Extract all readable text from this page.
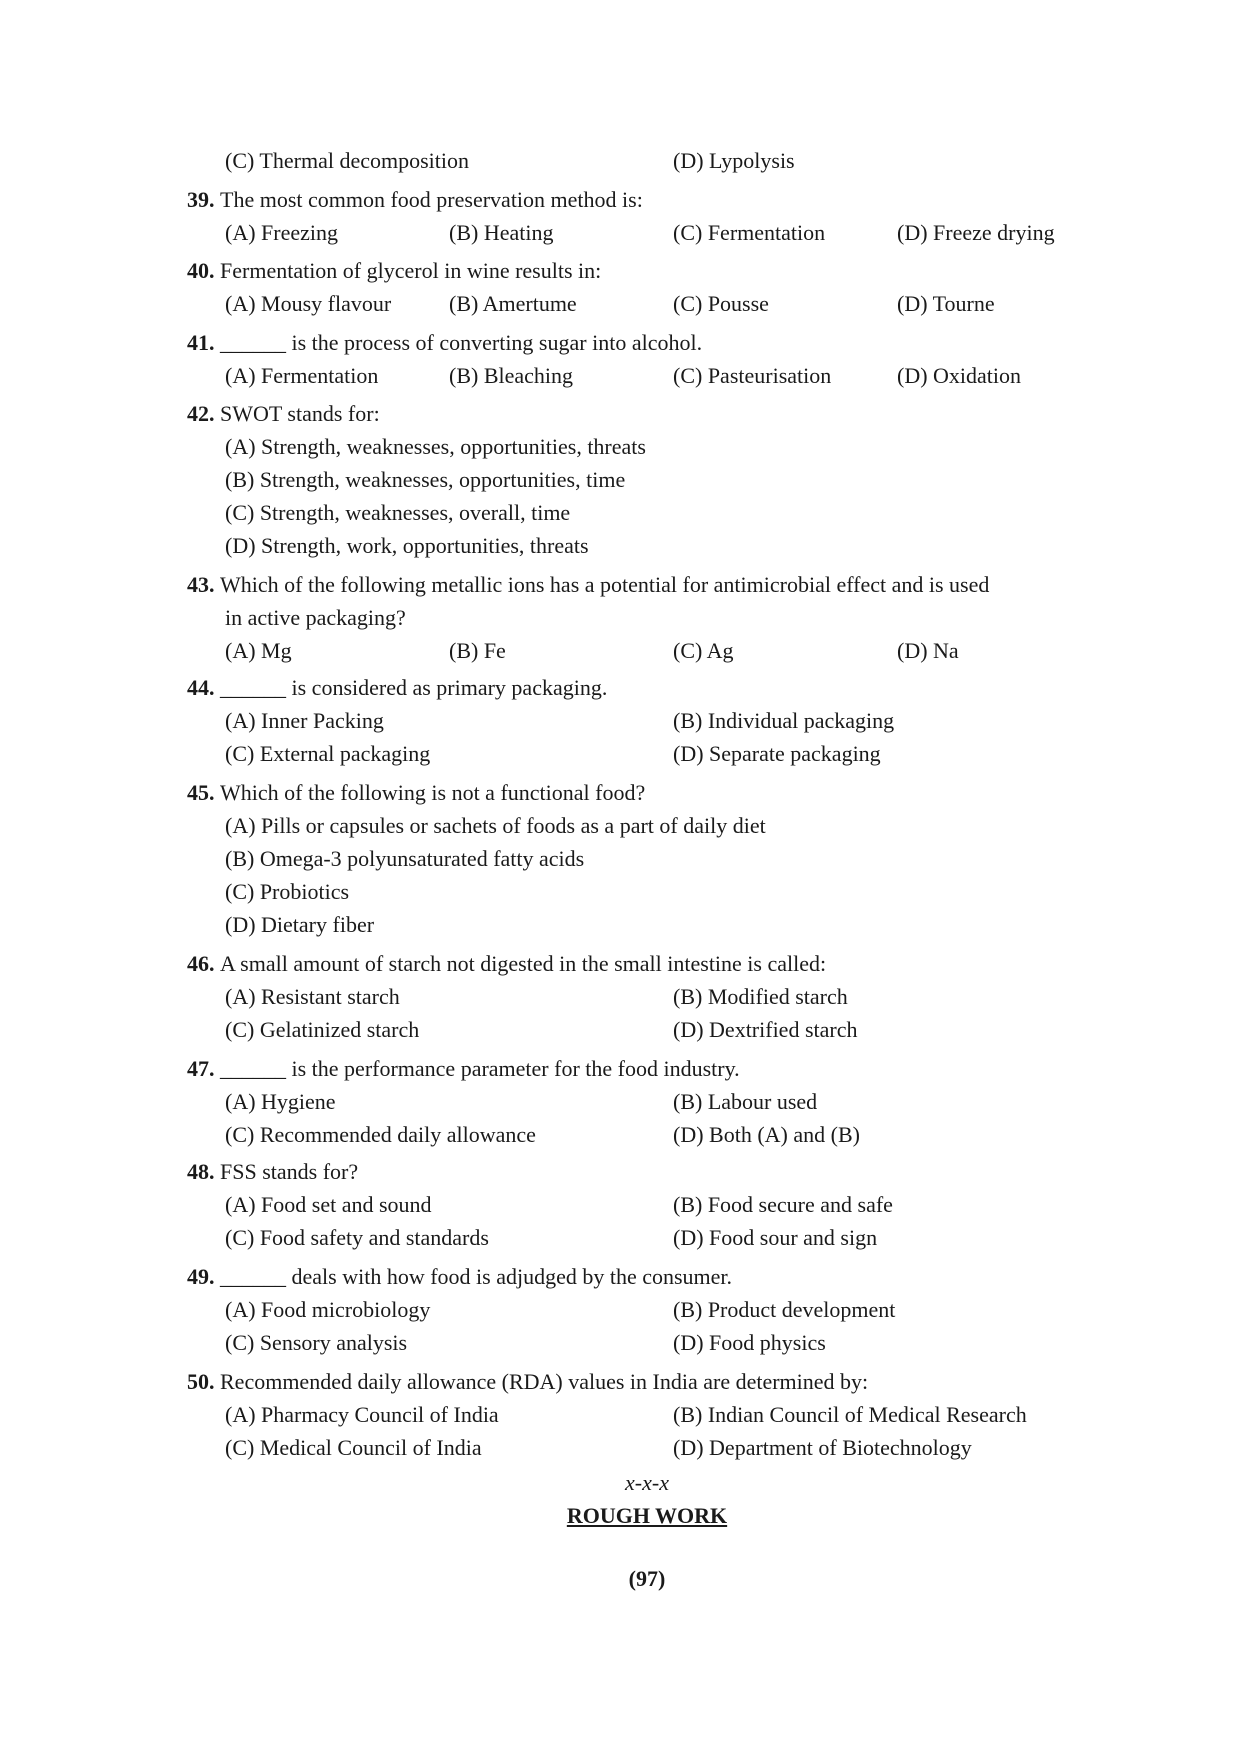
(C) Thermal decomposition	(D) Lypolysis
39. The most common food preservation method is:
(A) Freezing	(B) Heating	(C) Fermentation	(D) Freeze drying
40. Fermentation of glycerol in wine results in:
(A) Mousy flavour	(B) Amertume	(C) Pousse	(D) Tourne
41. ______ is the process of converting sugar into alcohol.
(A) Fermentation	(B) Bleaching	(C) Pasteurisation	(D) Oxidation
42. SWOT stands for:
(A) Strength, weaknesses, opportunities, threats
(B) Strength, weaknesses, opportunities, time
(C) Strength, weaknesses, overall, time
(D) Strength, work, opportunities, threats
43. Which of the following metallic ions has a potential for antimicrobial effect and is used
in active packaging?
(A) Mg	(B) Fe	(C) Ag	(D) Na
44. ______ is considered as primary packaging.
(A) Inner Packing	(B) Individual packaging
(C) External packaging	(D) Separate packaging
45. Which of the following is not a functional food?
(A) Pills or capsules or sachets of foods as a part of daily diet
(B) Omega-3 polyunsaturated fatty acids
(C) Probiotics
(D) Dietary fiber
46. A small amount of starch not digested in the small intestine is called:
(A) Resistant starch	(B) Modified starch
(C) Gelatinized starch	(D) Dextrified starch
47. ______ is the performance parameter for the food industry.
(A) Hygiene	(B) Labour used
(C) Recommended daily allowance	(D) Both (A) and (B)
48. FSS stands for?
(A) Food set and sound	(B) Food secure and safe
(C) Food safety and standards	(D) Food sour and sign
49. ______ deals with how food is adjudged by the consumer.
(A) Food microbiology	(B) Product development
(C) Sensory analysis	(D) Food physics
50. Recommended daily allowance (RDA) values in India are determined by:
(A) Pharmacy Council of India	(B) Indian Council of Medical Research
(C) Medical Council of India	(D) Department of Biotechnology
x-x-x
ROUGH WORK
(97)
